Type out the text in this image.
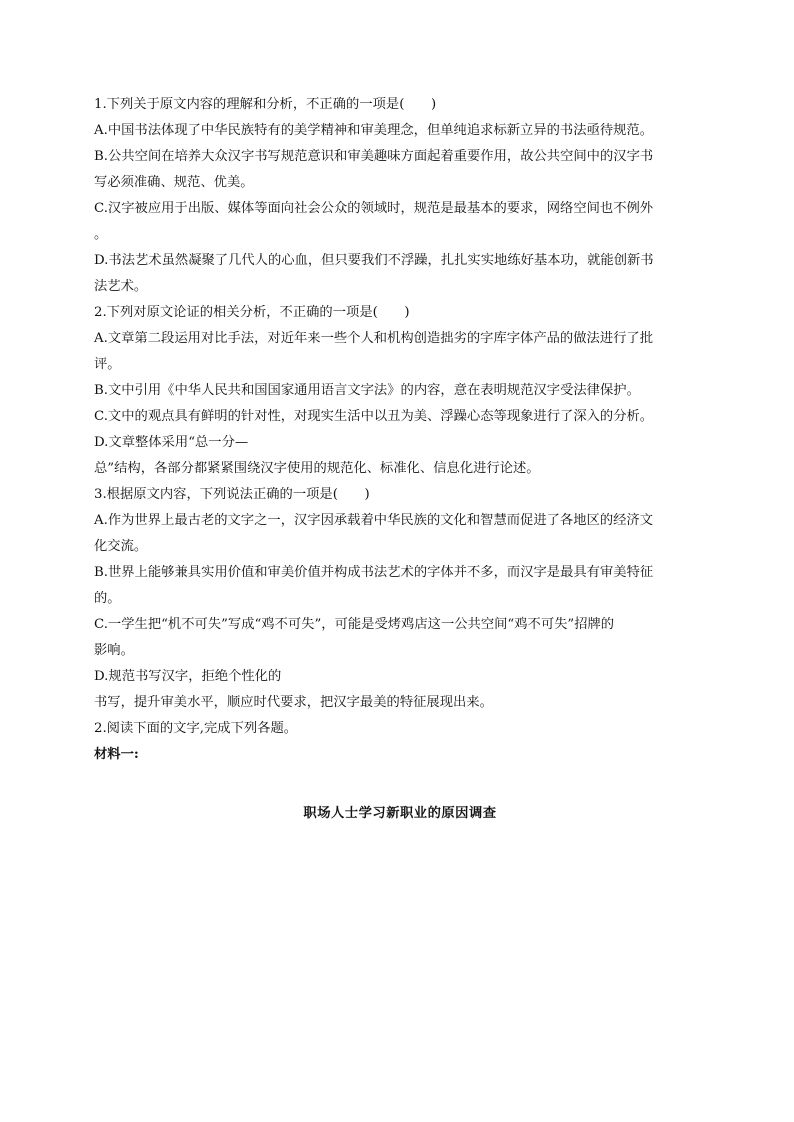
1.下列关于原文内容的理解和分析，不正确的一项是(　　)
A.中国书法体现了中华民族特有的美学精神和审美理念，但单纯追求标新立异的书法亟待规范。
B.公共空间在培养大众汉字书写规范意识和审美趣味方面起着重要作用，故公共空间中的汉字书
写必须准确、规范、优美。
C.汉字被应用于出版、媒体等面向社会公众的领域时，规范是最基本的要求，网络空间也不例外
。
D.书法艺术虽然凝聚了几代人的心血，但只要我们不浮躁，扎扎实实地练好基本功，就能创新书
法艺术。
2.下列对原文论证的相关分析，不正确的一项是(　　)
A.文章第二段运用对比手法，对近年来一些个人和机构创造拙劣的字库字体产品的做法进行了批
评。
B.文中引用《中华人民共和国国家通用语言文字法》的内容，意在表明规范汉字受法律保护。
C.文中的观点具有鲜明的针对性，对现实生活中以丑为美、浮躁心态等现象进行了深入的分析。
D.文章整体采用“总一分—
总”结构，各部分都紧紧围绕汉字使用的规范化、标准化、信息化进行论述。
3.根据原文内容，下列说法正确的一项是(　　)
A.作为世界上最古老的文字之一，汉字因承载着中华民族的文化和智慧而促进了各地区的经济文
化交流。
B.世界上能够兼具实用价值和审美价值并构成书法艺术的字体并不多，而汉字是最具有审美特征
的。
C.一学生把“机不可失”写成“鸡不可失”，可能是受烤鸡店这一公共空间“鸡不可失”招牌的
影响。
D.规范书写汉字，拒绝个性化的
书写，提升审美水平，顺应时代要求，把汉字最美的特征展现出来。
2.阅读下面的文字,完成下列各题。
材料一:
职场人士学习新职业的原因调查
